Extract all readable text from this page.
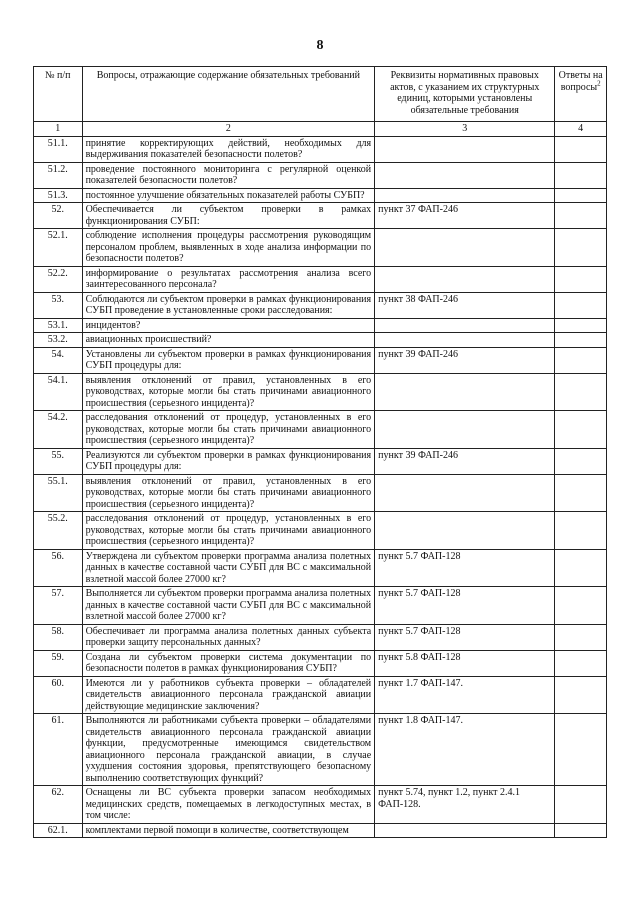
8
№ п/п	Вопросы, отражающие содержание обязательных требований	Реквизиты нормативных правовых актов, с указанием их структурных единиц, которыми установлены обязательные требования	Ответы на вопросы$^2$
1	2	3	4
51.1.	принятие корректирующих действий, необходимых для выдерживания показателей безопасности полетов?		
51.2.	проведение постоянного мониторинга с регулярной оценкой показателей безопасности полетов?		
51.3.	постоянное улучшение обязательных показателей работы СУБП?		
52.	Обеспечивается ли субъектом проверки в рамках функционирования СУБП:	пункт 37 ФАП-246	
52.1.	соблюдение исполнения процедуры рассмотрения руководящим персоналом проблем, выявленных в ходе анализа информации по безопасности полетов?		
52.2.	информирование о результатах рассмотрения анализа всего заинтересованного персонала?		
53.	Соблюдаются ли субъектом проверки в рамках функционирования СУБП проведение в установленные сроки расследования:	пункт 38 ФАП-246	
53.1.	инцидентов?		
53.2.	авиационных происшествий?		
54.	Установлены ли субъектом проверки в рамках функционирования СУБП процедуры для:	пункт 39 ФАП-246	
54.1.	выявления отклонений от правил, установленных в его руководствах, которые могли бы стать причинами авиационного происшествия (серьезного инцидента)?		
54.2.	расследования отклонений от процедур, установленных в его руководствах, которые могли бы стать причинами авиационного происшествия (серьезного инцидента)?		
55.	Реализуются ли субъектом проверки в рамках функционирования СУБП процедуры для:	пункт 39 ФАП-246	
55.1.	выявления отклонений от правил, установленных в его руководствах, которые могли бы стать причинами авиационного происшествия (серьезного инцидента)?		
55.2.	расследования отклонений от процедур, установленных в его руководствах, которые могли бы стать причинами авиационного происшествия (серьезного инцидента)?		
56.	Утверждена ли субъектом проверки программа анализа полетных данных в качестве составной части СУБП для ВС с максимальной взлетной массой более 27000 кг?	пункт 5.7 ФАП-128	
57.	Выполняется ли субъектом проверки программа анализа полетных данных в качестве составной части СУБП для ВС с максимальной взлетной массой более 27000 кг?	пункт 5.7 ФАП-128	
58.	Обеспечивает ли программа анализа полетных данных субъекта проверки защиту персональных данных?	пункт 5.7 ФАП-128	
59.	Создана ли субъектом проверки система документации по безопасности полетов в рамках функционирования СУБП?	пункт 5.8 ФАП-128	
60.	Имеются ли у работников субъекта проверки – обладателей свидетельств авиационного персонала гражданской авиации действующие медицинские заключения?	пункт 1.7 ФАП-147.	
61.	Выполняются ли работниками субъекта проверки – обладателями свидетельств авиационного персонала гражданской авиации функции, предусмотренные имеющимся свидетельством авиационного персонала гражданской авиации, в случае ухудшения состояния здоровья, препятствующего безопасному выполнению соответствующих функций?	пункт 1.8 ФАП-147.	
62.	Оснащены ли ВС субъекта проверки запасом необходимых медицинских средств, помещаемых в легкодоступных местах, в том числе:	пункт 5.74, пункт 1.2, пункт 2.4.1 ФАП-128.	
62.1.	комплектами первой помощи в количестве, соответствующем		
